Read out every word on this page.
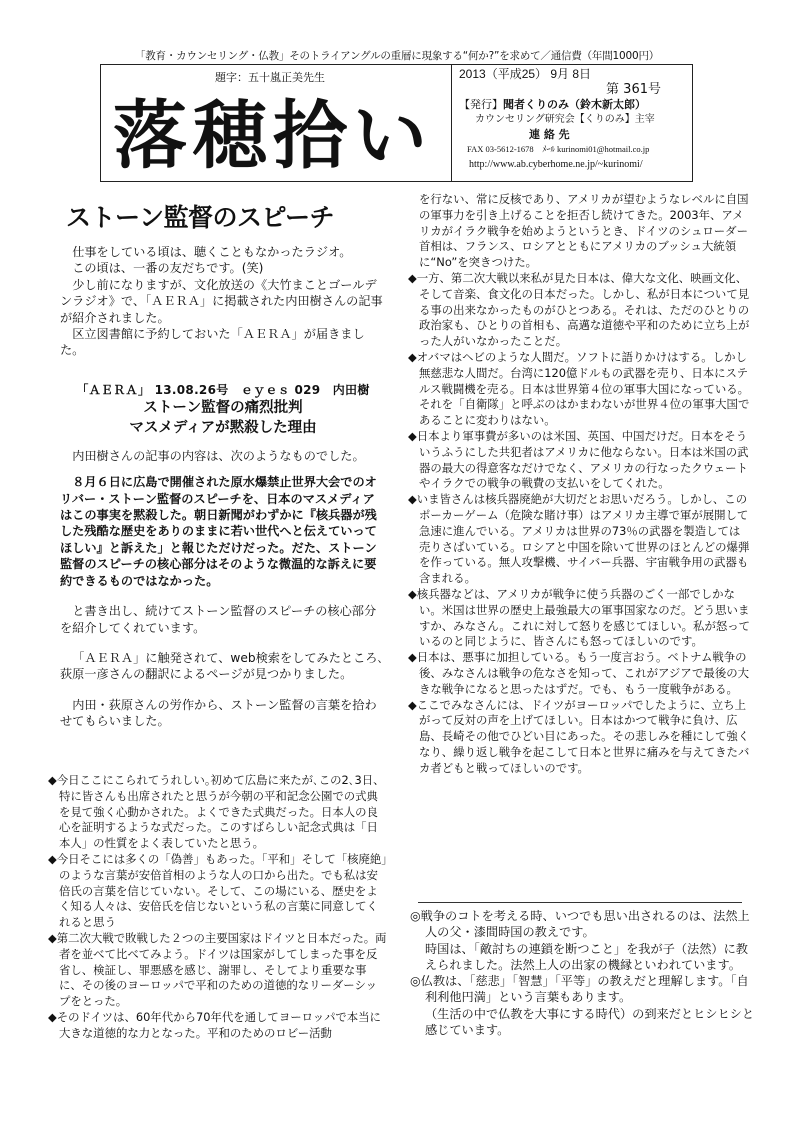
「教育・カウンセリング・仏教」そのトライアングルの重層に現象する“何か?”を求めて／通信費（年間1000円）
題字：五十嵐正美先生
落穂拾い
2013（平成25） 9月 8日
第 361号
【発行】聞者くりのみ（鈴木新太郎）
カウンセリング研究会【くりのみ】主宰
連 絡 先
FAX 03-5612-1678　ﾒｰﾙ kurinomi01@hotmail.co.jp
http://www.ab.cyberhome.ne.jp/~kurinomi/
ストーン監督のスピーチ

仕事をしている頃は、聴くこともなかったラジオ。

この頃は、一番の友だちです。(笑)

少し前になりますが、文化放送の《大竹まことゴールデンラジオ》で、「ＡＥＲＡ」に掲載された内田樹さんの記事が紹介されました。

区立図書館に予約しておいた「ＡＥＲＡ」が届きました。

「ＡＥＲＡ」 13.08.26号　ｅｙｅｓ 029　内田樹

ストーン監督の痛烈批判

マスメディアが黙殺した理由

内田樹さんの記事の内容は、次のようなものでした。

８月６日に広島で開催された原水爆禁止世界大会でのオリバー・ストーン監督のスピーチを、日本のマスメディアはこの事実を黙殺した。朝日新聞がわずかに『核兵器が残した残酷な歴史をありのままに若い世代へと伝えていってほしい』と訴えた」と報じただけだった。だた、ストーン監督のスピーチの核心部分はそのような微温的な訴えに要約できるものではなかった。

と書き出し、続けてストーン監督のスピーチの核心部分を紹介してくれています。

「ＡＥＲＡ」に触発されて、web検索をしてみたところ､荻原一彦さんの翻訳によるページが見つかりました。

内田・荻原さんの労作から、ストーン監督の言葉を拾わせてもらいました。

◆今日ここにこられてうれしい｡初めて広島に来たが､この2､3日、特に皆さんも出席されたと思うが今朝の平和記念公園での式典を見て強く心動かされた。よくできた式典だった。日本人の良心を証明するような式だった。このすばらしい記念式典は「日本人」の性質をよく表していたと思う。

◆今日そこには多くの「偽善」もあった。「平和」そして「核廃絶」のような言葉が安倍首相のような人の口から出た。でも私は安倍氏の言葉を信じていない。そして、この場にいる、歴史をよく知る人々は、安倍氏を信じないという私の言葉に同意してくれると思う

◆第二次大戦で敗戦した２つの主要国家はドイツと日本だった。両者を並べて比べてみよう。ドイツは国家がしてしまった事を反省し、検証し、罪悪感を感じ、謝罪し、そしてより重要な事に、その後のヨーロッパで平和のための道徳的なリーダーシップをとった。

◆そのドイツは、60年代から70年代を通してヨーロッパで本当に大きな道徳的な力となった。平和のためのロビー活動

を行ない、常に反核であり、アメリカが望むようなレベルに自国の軍事力を引き上げることを拒否し続けてきた。2003年、アメリカがイラク戦争を始めようというとき、ドイツのシュローダー首相は、フランス、ロシアとともにアメリカのブッシュ大統領に“No”を突きつけた。

◆一方、第二次大戦以来私が見た日本は、偉大な文化、映画文化、そして音楽、食文化の日本だった。しかし、私が日本について見る事の出来なかったものがひとつある。それは、ただのひとりの政治家も、ひとりの首相も、高邁な道徳や平和のために立ち上がった人がいなかったことだ。

◆オバマはヘビのような人間だ。ソフトに語りかけはする。しかし無慈悲な人間だ。台湾に120億ドルもの武器を売り、日本にステルス戦闘機を売る。日本は世界第４位の軍事大国になっている。それを「自衛隊」と呼ぶのはかまわないが世界４位の軍事大国であることに変わりはない。

◆日本より軍事費が多いのは米国、英国、中国だけだ。日本をそういうふうにした共犯者はアメリカに他ならない。日本は米国の武器の最大の得意客なだけでなく、アメリカの行なったクウェートやイラクでの戦争の戦費の支払いをしてくれた。

◆いま皆さんは核兵器廃絶が大切だとお思いだろう。しかし、このポーカーゲーム（危険な賭け事）はアメリカ主導で軍が展開して急速に進んでいる。アメリカは世界の73％の武器を製造しては売りさばいている。ロシアと中国を除いて世界のほとんどの爆弾を作っている。無人攻撃機、サイバー兵器、宇宙戦争用の武器も含まれる。

◆核兵器などは、アメリカが戦争に使う兵器のごく一部でしかない。米国は世界の歴史上最強最大の軍事国家なのだ。どう思いますか、みなさん。これに対して怒りを感じてほしい。私が怒っているのと同じように、皆さんにも怒ってほしいのです。

◆日本は、悪事に加担している。もう一度言おう。ベトナム戦争の後、みなさんは戦争の危なさを知って、これがアジアで最後の大きな戦争になると思ったはずだ。でも、もう一度戦争がある。

◆ここでみなさんには、ドイツがヨーロッパでしたように、立ち上がって反対の声を上げてほしい。日本はかつて戦争に負け、広島、長崎その他でひどい目にあった。その悲しみを種にして強くなり、繰り返し戦争を起こして日本と世界に痛みを与えてきたバカ者どもと戦ってほしいのです。

◎戦争のコトを考える時、いつでも思い出されるのは、法然上人の父・漆間時国の教えです。

時国は、「敵討ちの連鎖を断つこと」を我が子（法然）に教えられました。法然上人の出家の機縁といわれています。

◎仏教は、「慈悲」「智慧」「平等」の教えだと理解します。「自利利他円満」という言葉もあります。

（生活の中で仏教を大事にする時代）の到来だとヒシヒシと感じています。
